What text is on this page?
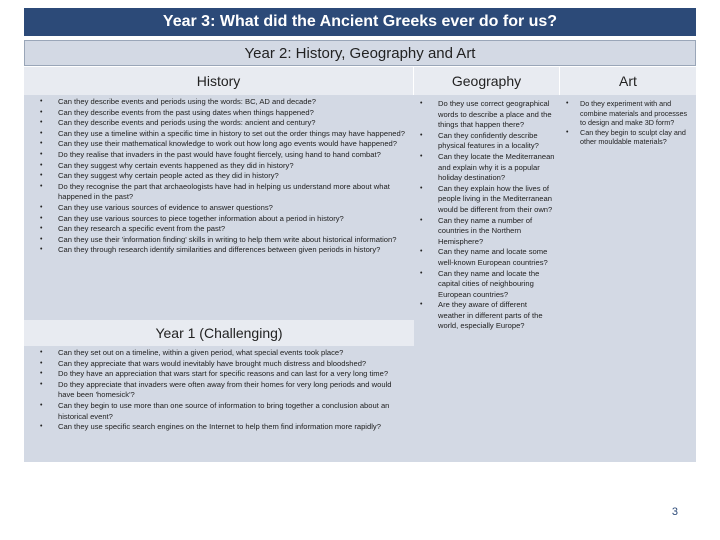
Year 3: What did the Ancient Greeks ever do for us?
Year 2: History, Geography and Art
History	Geography	Art
• Can they describe events and periods using the words: BC, AD and decade?
• Can they describe events from the past using dates when things happened?
• Can they describe events and periods using the words: ancient and century?
• Can they use a timeline within a specific time in history to set out the order things may have happened?
• Can they use their mathematical knowledge to work out how long ago events would have happened?
• Do they realise that invaders in the past would have fought fiercely, using hand to hand combat?
• Can they suggest why certain events happened as they did in history?
• Can they suggest why certain people acted as they did in history?
• Do they recognise the part that archaeologists have had in helping us understand more about what happened in the past?
• Can they use various sources of evidence to answer questions?
• Can they use various sources to piece together information about a period in history?
• Can they research a specific event from the past?
• Can they use their 'information finding' skills in writing to help them write about historical information?
• Can they through research identify similarities and differences between given periods in history?
Year 1 (Challenging)
• Can they set out on a timeline, within a given period, what special events took place?
• Can they appreciate that wars would inevitably have brought much distress and bloodshed?
• Do they have an appreciation that wars start for specific reasons and can last for a very long time?
• Do they appreciate that invaders were often away from their homes for very long periods and would have been 'homesick'?
• Can they begin to use more than one source of information to bring together a conclusion about an historical event?
• Can they use specific search engines on the Internet to help them find information more rapidly?
• Do they use correct geographical words to describe a place and the things that happen there?
• Can they confidently describe physical features in a locality?
• Can they locate the Mediterranean and explain why it is a popular holiday destination?
• Can they explain how the lives of people living in the Mediterranean would be different from their own?
• Can they name a number of countries in the Northern Hemisphere?
• Can they name and locate some well-known European countries?
• Can they name and locate the capital cities of neighbouring European countries?
• Are they aware of different weather in different parts of the world, especially Europe?
• Do they experiment with and combine materials and processes to design and make 3D form?
• Can they begin to sculpt clay and other mouldable materials?
3
